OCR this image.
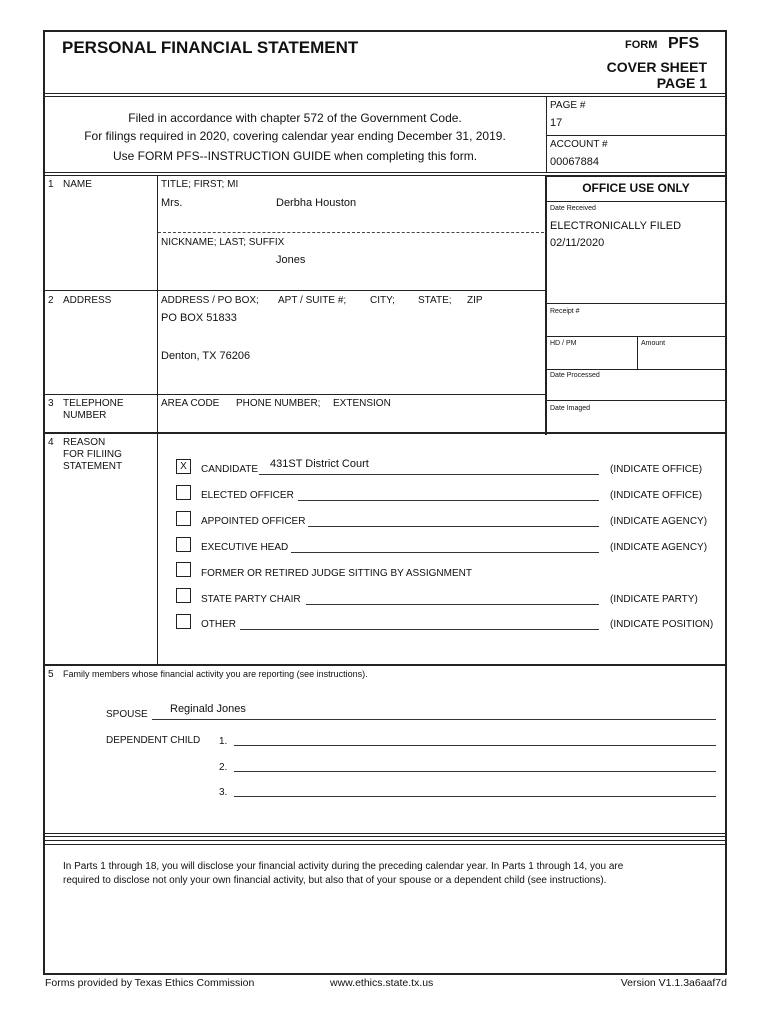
PERSONAL FINANCIAL STATEMENT	FORM PFS
COVER SHEET
PAGE 1
Filed in accordance with chapter 572 of the Government Code.
For filings required in 2020, covering calendar year ending December 31, 2019.
Use FORM PFS--INSTRUCTION GUIDE when completing this form.
PAGE #
17
ACCOUNT #
00067884
1 NAME	TITLE; FIRST; MI
Mrs.	Derbha Houston
NICKNAME; LAST; SUFFIX
Jones
2 ADDRESS	ADDRESS / PO BOX; APT / SUITE #; CITY; STATE; ZIP
PO BOX 51833
Denton, TX 76206
3 TELEPHONE
NUMBER
AREA CODE PHONE NUMBER; EXTENSION
OFFICE USE ONLY
Date Received
ELECTRONICALLY FILED
02/11/2020
Receipt #
HD / PM	Amount
Date Processed
Date Imaged
4 REASON
FOR FILIING
STATEMENT	X	CANDIDATE 431ST District Court	(INDICATE OFFICE)
ELECTED OFFICER	(INDICATE OFFICE)
APPOINTED OFFICER	(INDICATE AGENCY)
EXECUTIVE HEAD	(INDICATE AGENCY)
FORMER OR RETIRED JUDGE SITTING BY ASSIGNMENT
STATE PARTY CHAIR	(INDICATE PARTY)
OTHER	(INDICATE POSITION)
5 Family members whose financial activity you are reporting (see instructions).
SPOUSE Reginald Jones
DEPENDENT CHILD 1.
2.
3.
In Parts 1 through 18, you will disclose your financial activity during the preceding calendar year. In Parts 1 through 14, you are
required to disclose not only your own financial activity, but also that of your spouse or a dependent child (see instructions).
Forms provided by Texas Ethics Commission	www.ethics.state.tx.us	Version V1.1.3a6aaf7d
